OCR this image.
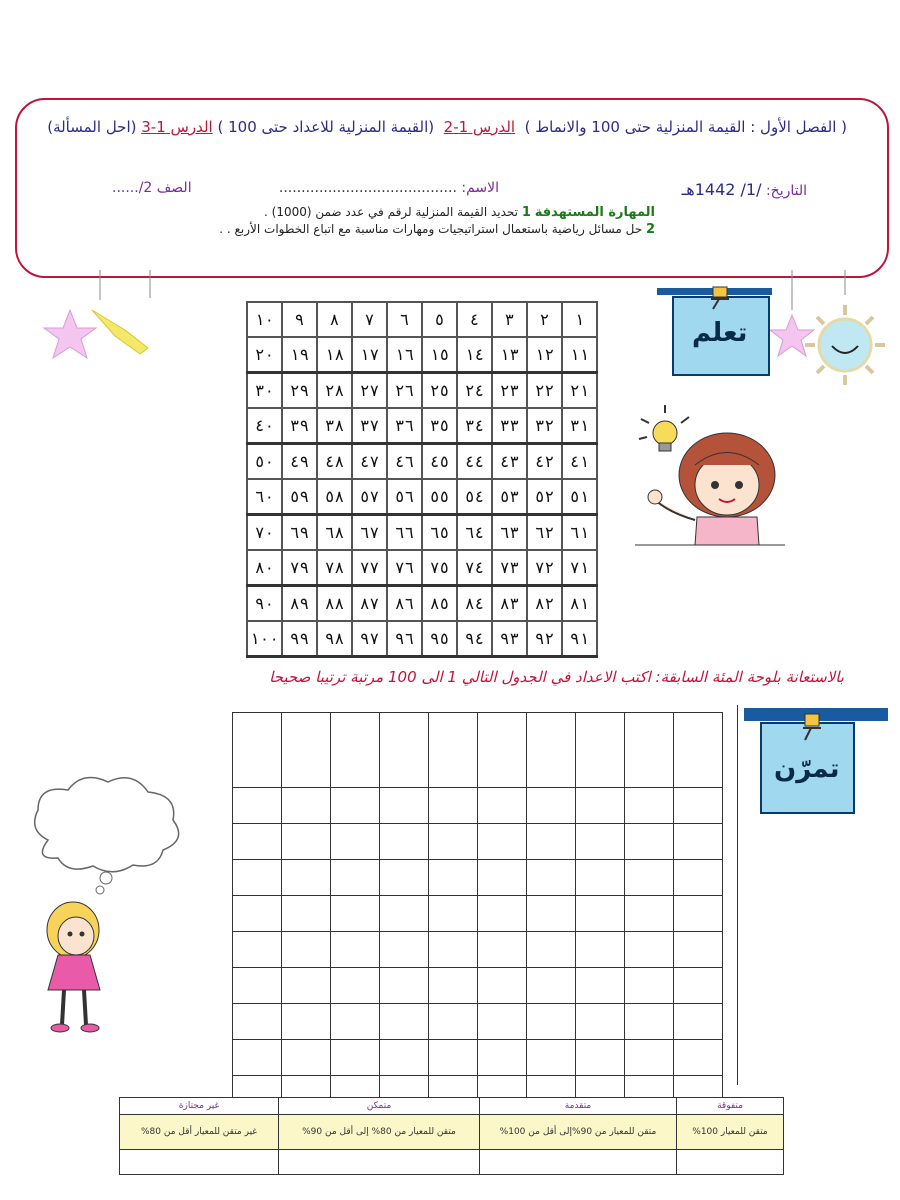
( الفصل الأول : القيمة المنزلية حتى 100 والانماط )  الدرس 1-2  (القيمة المنزلية للاعداد حتى 100 ) الدرس 1-3 (احل المسألة)
التاريخ: /1/ 1442هـ
الاسم: ........................................
الصف 2/......
المهارة المستهدفة 1 تحديد القيمة المنزلية لرقم في عدد ضمن (1000) .
2 حل مسائل رياضية باستعمال استراتيجيات ومهارات مناسبة مع اتباع الخطوات الأربع . .
تعلم
١	٢	٣	٤	٥	٦	٧	٨	٩	١٠
١١	١٢	١٣	١٤	١٥	١٦	١٧	١٨	١٩	٢٠
٢١	٢٢	٢٣	٢٤	٢٥	٢٦	٢٧	٢٨	٢٩	٣٠
٣١	٣٢	٣٣	٣٤	٣٥	٣٦	٣٧	٣٨	٣٩	٤٠
٤١	٤٢	٤٣	٤٤	٤٥	٤٦	٤٧	٤٨	٤٩	٥٠
٥١	٥٢	٥٣	٥٤	٥٥	٥٦	٥٧	٥٨	٥٩	٦٠
٦١	٦٢	٦٣	٦٤	٦٥	٦٦	٦٧	٦٨	٦٩	٧٠
٧١	٧٢	٧٣	٧٤	٧٥	٧٦	٧٧	٧٨	٧٩	٨٠
٨١	٨٢	٨٣	٨٤	٨٥	٨٦	٨٧	٨٨	٨٩	٩٠
٩١	٩٢	٩٣	٩٤	٩٥	٩٦	٩٧	٩٨	٩٩	١٠٠
بالاستعانة بلوحة المئة السابقة: اكتب الاعداد في الجدول التالي 1 الى 100 مرتبة ترتيبا صحيحا

تمرّن
متفوقة	متقدمة	متمكن	غير مجتازة
متقن للمعيار 100%	متقن للمعيار من 90%إلى أقل من 100%	متقن للمعيار من 80% إلى أقل من 90%	غير متقن للمعيار أقل من 80%
